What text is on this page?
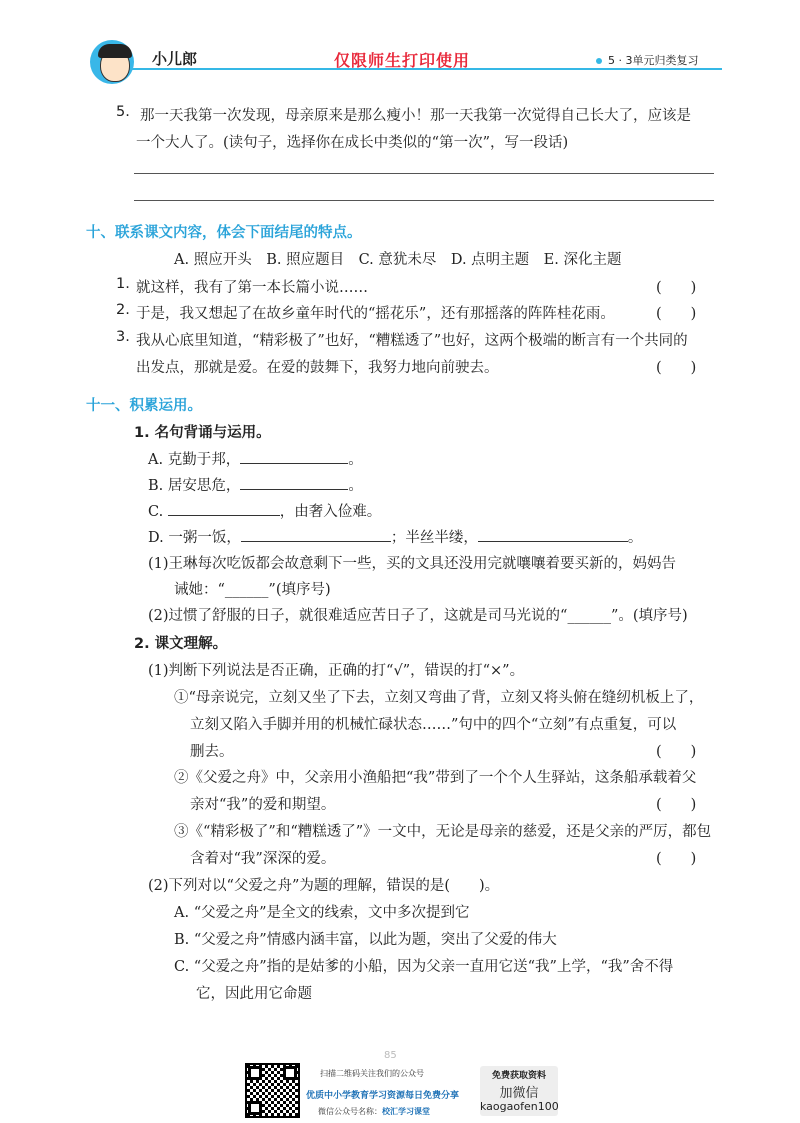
小儿郎	仅限师生打印使用	5 · 3单元归类复习
5. 那一天我第一次发现，母亲原来是那么瘦小！那一天我第一次觉得自己长大了，应该是
一个大人了。(读句子，选择你在成长中类似的“第一次”，写一段话)
十、联系课文内容，体会下面结尾的特点。
A. 照应开头　B. 照应题目　C. 意犹未尽　D. 点明主题　E. 深化主题
1. 就这样，我有了第一本长篇小说……	(　　)
2. 于是，我又想起了在故乡童年时代的“摇花乐”，还有那摇落的阵阵桂花雨。	(　　)
3. 我从心底里知道，“精彩极了”也好，“糟糕透了”也好，这两个极端的断言有一个共同的
出发点，那就是爱。在爱的鼓舞下，我努力地向前驶去。	(　　)
十一、积累运用。
1. 名句背诵与运用。
A. 克勤于邦，	。
B. 居安思危，	。
C.	，由奢入俭难。
D. 一粥一饭，	；半丝半缕，	。
(1)王琳每次吃饭都会故意剩下一些，买的文具还没用完就嚷嚷着要买新的，妈妈告
诫她：“______”(填序号)
(2)过惯了舒服的日子，就很难适应苦日子了，这就是司马光说的“______”。(填序号)
2. 课文理解。
(1)判断下列说法是否正确，正确的打“√”，错误的打“×”。
①“母亲说完，立刻又坐了下去，立刻又弯曲了背，立刻又将头俯在缝纫机板上了，
立刻又陷入手脚并用的机械忙碌状态……”句中的四个“立刻”有点重复，可以
删去。	(　　)
②《父爱之舟》中，父亲用小渔船把“我”带到了一个个人生驿站，这条船承载着父
亲对“我”的爱和期望。	(　　)
③《“精彩极了”和“糟糕透了”》一文中，无论是母亲的慈爱，还是父亲的严厉，都包
含着对“我”深深的爱。	(　　)
(2)下列对以“父爱之舟”为题的理解，错误的是(　　)。
A. “父爱之舟”是全文的线索，文中多次提到它
B. “父爱之舟”情感内涵丰富，以此为题，突出了父爱的伟大
C. “父爱之舟”指的是姑爹的小船，因为父亲一直用它送“我”上学，“我”舍不得
它，因此用它命题
85
扫描二维码关注我们的公众号
优质中小学教育学习资源每日免费分享
微信公众号名称：校汇学习课堂
免费获取资料
加微信
kaogaofen100
